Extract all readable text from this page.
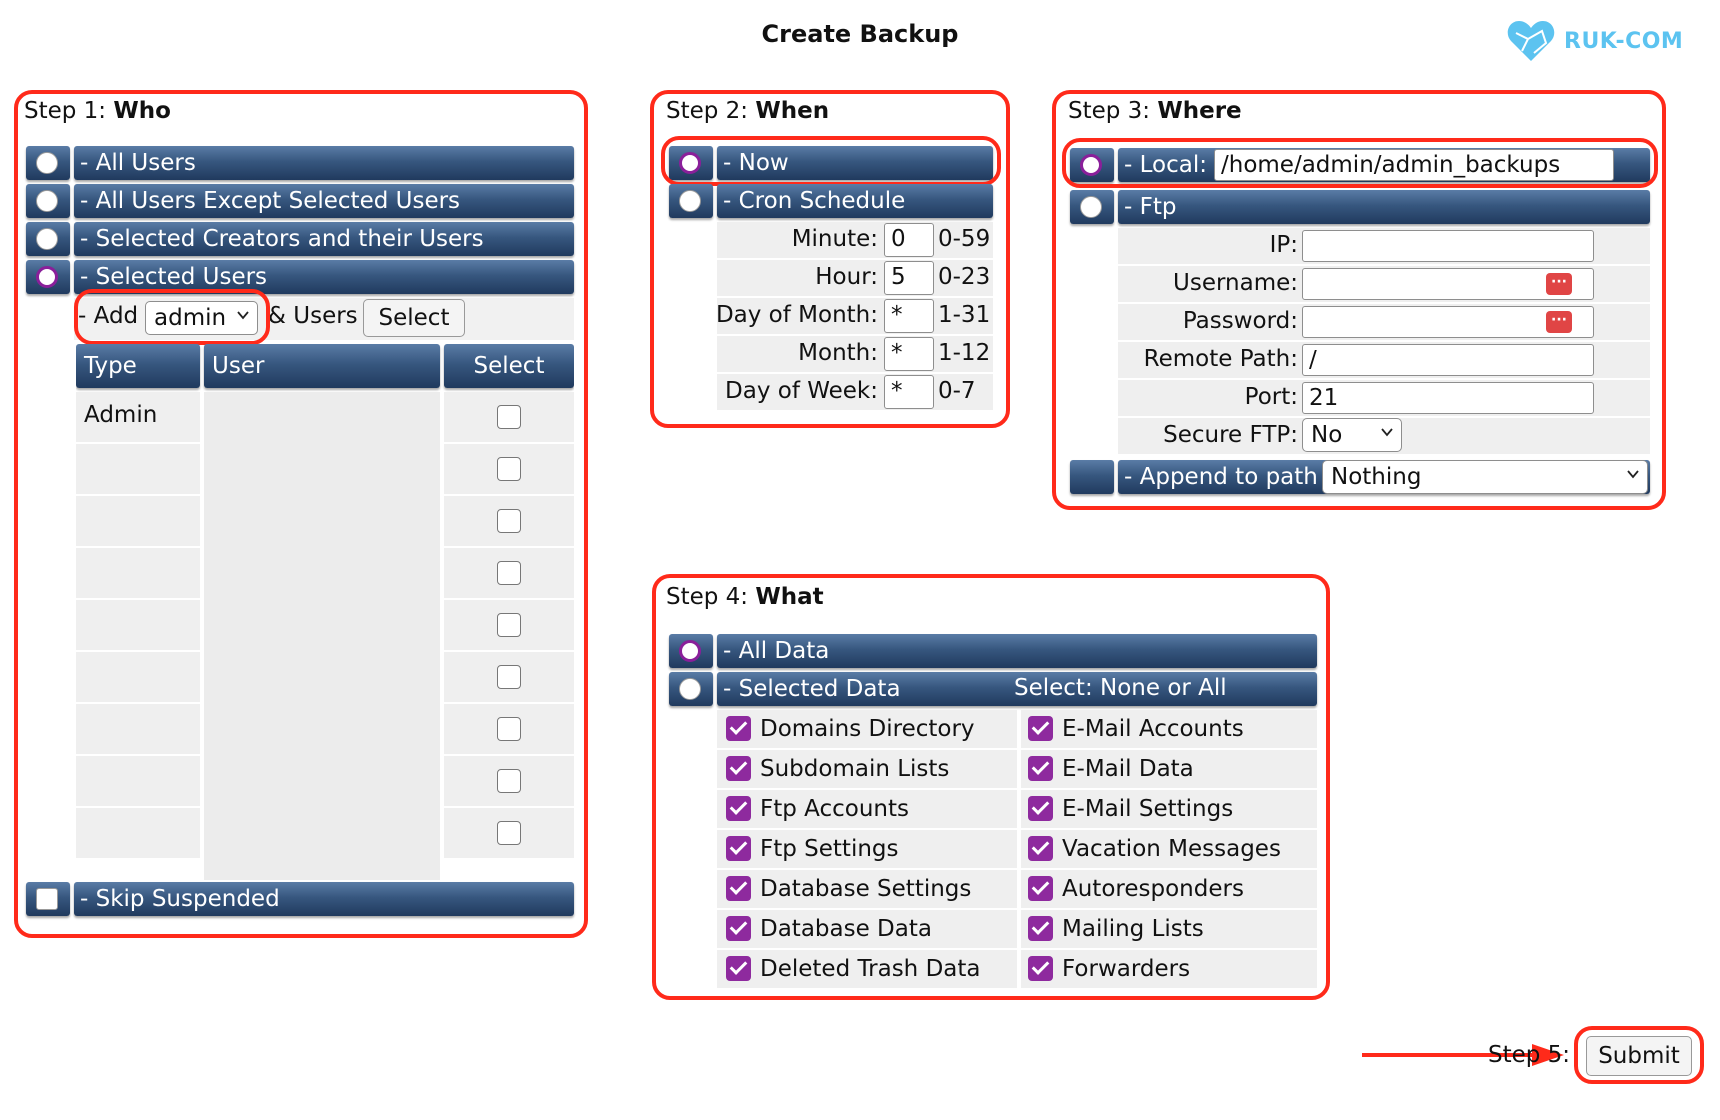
Create Backup	RUK-COM
Step 1: Who
- All Users
- All Users Except Selected Users
- Selected Creators and their Users
- Selected Users
- Add admin	& Users Select
Type	User	Select
Admin
- Skip Suspended
Step 2: When
- Now
- Cron Schedule
Minute: 0	0-59
Hour: 5	0-23
Day of Month: *	1-31
Month: *	1-12
Day of Week: *	0-7
Step 3: Where
- Local: /home/admin/admin_backups
- Ftp
IP:
Username:	···
Password:	···
Remote Path: /
Port: 21
Secure FTP: No
- Append to path Nothing
Step 4: What
- All Data
- Selected Data	Select: None or All
Domains Directory	E-Mail Accounts
Subdomain Lists	E-Mail Data
Ftp Accounts	E-Mail Settings
Ftp Settings	Vacation Messages
Database Settings	Autoresponders
Database Data	Mailing Lists
Deleted Trash Data	Forwarders
Step 5:	Submit
